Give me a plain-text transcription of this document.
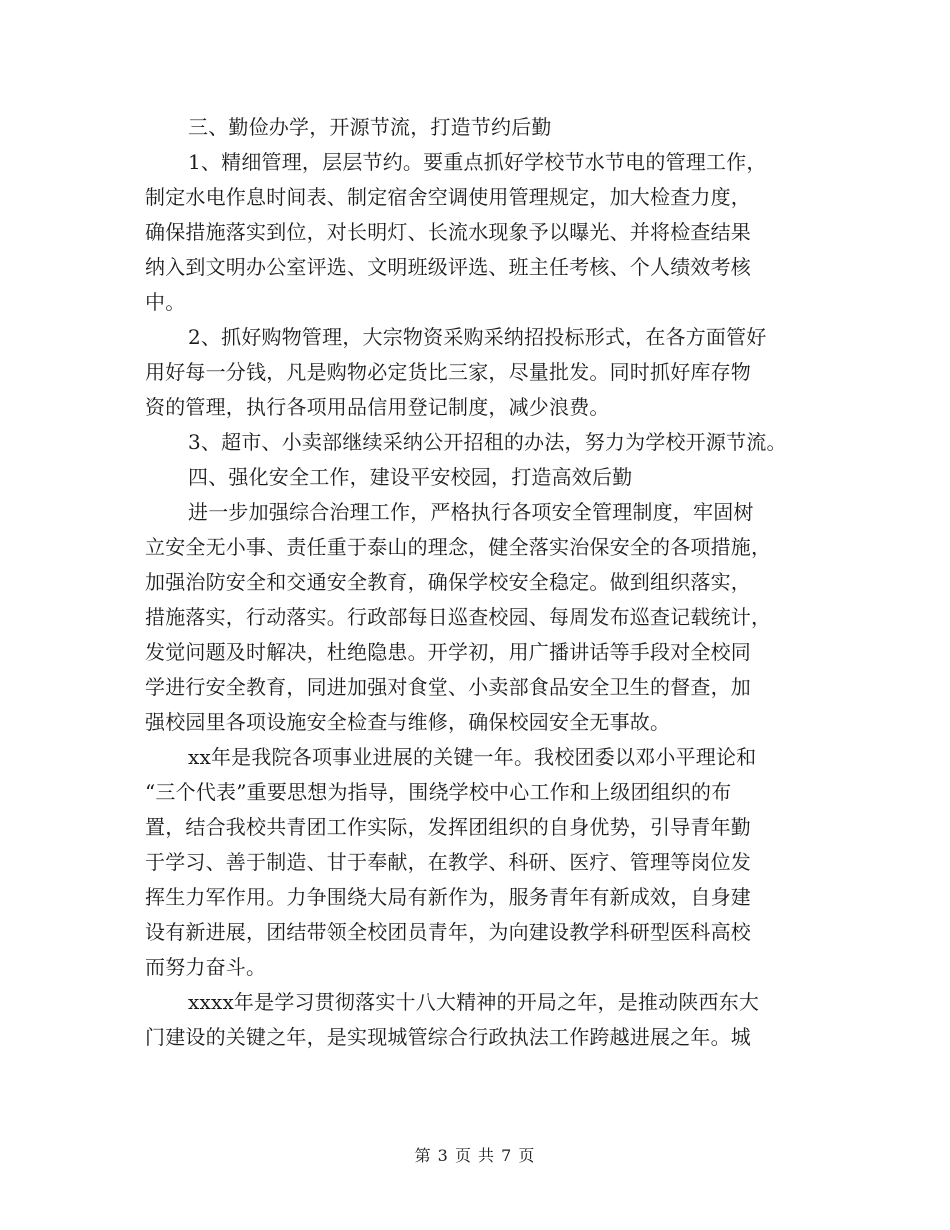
三、勤俭办学，开源节流，打造节约后勤
1、精细管理，层层节约。要重点抓好学校节水节电的管理工作，
制定水电作息时间表、制定宿舍空调使用管理规定，加大检查力度，
确保措施落实到位，对长明灯、长流水现象予以曝光、并将检查结果
纳入到文明办公室评选、文明班级评选、班主任考核、个人绩效考核
中。
2、抓好购物管理，大宗物资采购采纳招投标形式，在各方面管好
用好每一分钱，凡是购物必定货比三家，尽量批发。同时抓好库存物
资的管理，执行各项用品信用登记制度，减少浪费。
3、超市、小卖部继续采纳公开招租的办法，努力为学校开源节流。
四、强化安全工作，建设平安校园，打造高效后勤
进一步加强综合治理工作，严格执行各项安全管理制度，牢固树
立安全无小事、责任重于泰山的理念，健全落实治保安全的各项措施，
加强治防安全和交通安全教育，确保学校安全稳定。做到组织落实，
措施落实，行动落实。行政部每日巡查校园、每周发布巡查记载统计，
发觉问题及时解决，杜绝隐患。开学初，用广播讲话等手段对全校同
学进行安全教育，同进加强对食堂、小卖部食品安全卫生的督查，加
强校园里各项设施安全检查与维修，确保校园安全无事故。
xx年是我院各项事业进展的关键一年。我校团委以邓小平理论和
“三个代表”重要思想为指导，围绕学校中心工作和上级团组织的布
置，结合我校共青团工作实际，发挥团组织的自身优势，引导青年勤
于学习、善于制造、甘于奉献，在教学、科研、医疗、管理等岗位发
挥生力军作用。力争围绕大局有新作为，服务青年有新成效，自身建
设有新进展，团结带领全校团员青年，为向建设教学科研型医科高校
而努力奋斗。
xxxx年是学习贯彻落实十八大精神的开局之年，是推动陕西东大
门建设的关键之年，是实现城管综合行政执法工作跨越进展之年。城
第 3 页 共 7 页
